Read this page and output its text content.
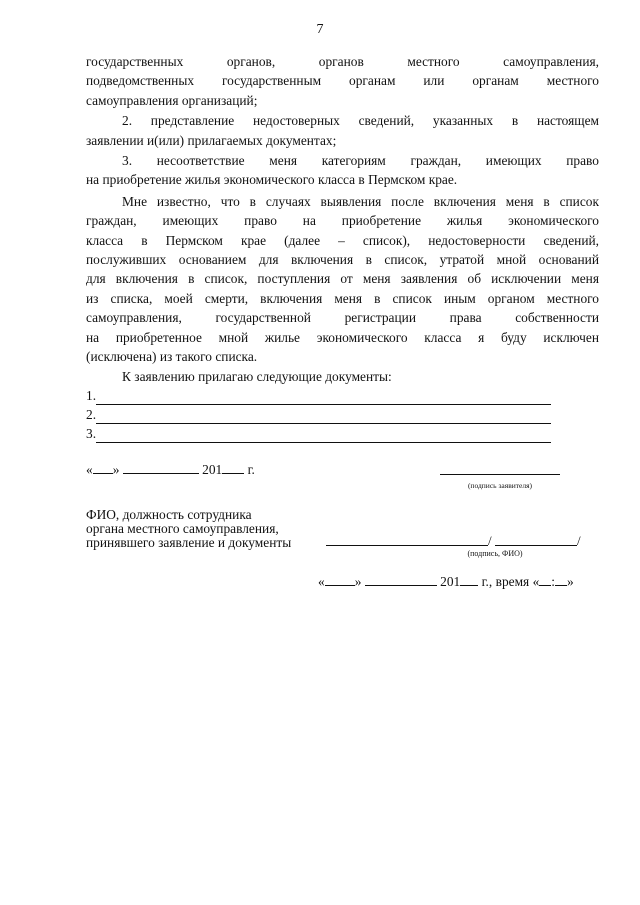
7
государственных органов, органов местного самоуправления,
подведомственных государственным органам или органам местного
самоуправления организаций;
2. представление недостоверных сведений, указанных в настоящем
заявлении и(или) прилагаемых документах;
3. несоответствие меня категориям граждан, имеющих право
на приобретение жилья экономического класса в Пермском крае.
Мне известно, что в случаях выявления после включения меня в список
граждан, имеющих право на приобретение жилья экономического
класса в Пермском крае (далее – список), недостоверности сведений,
послуживших основанием для включения в список, утратой мной оснований
для включения в список, поступления от меня заявления об исключении меня
из списка, моей смерти, включения меня в список иным органом местного
самоуправления, государственной регистрации права собственности
на приобретенное мной жилье экономического класса я буду исключен
(исключена) из такого списка.

К заявлению прилагаю следующие документы:

1.
2.
3.
« »	201 г.
(подпись заявителя)
ФИО, должность сотрудника
органа местного самоуправления,
принявшего заявление и документы	/	/
(подпись, ФИО)
« »	201 г., время « : »
